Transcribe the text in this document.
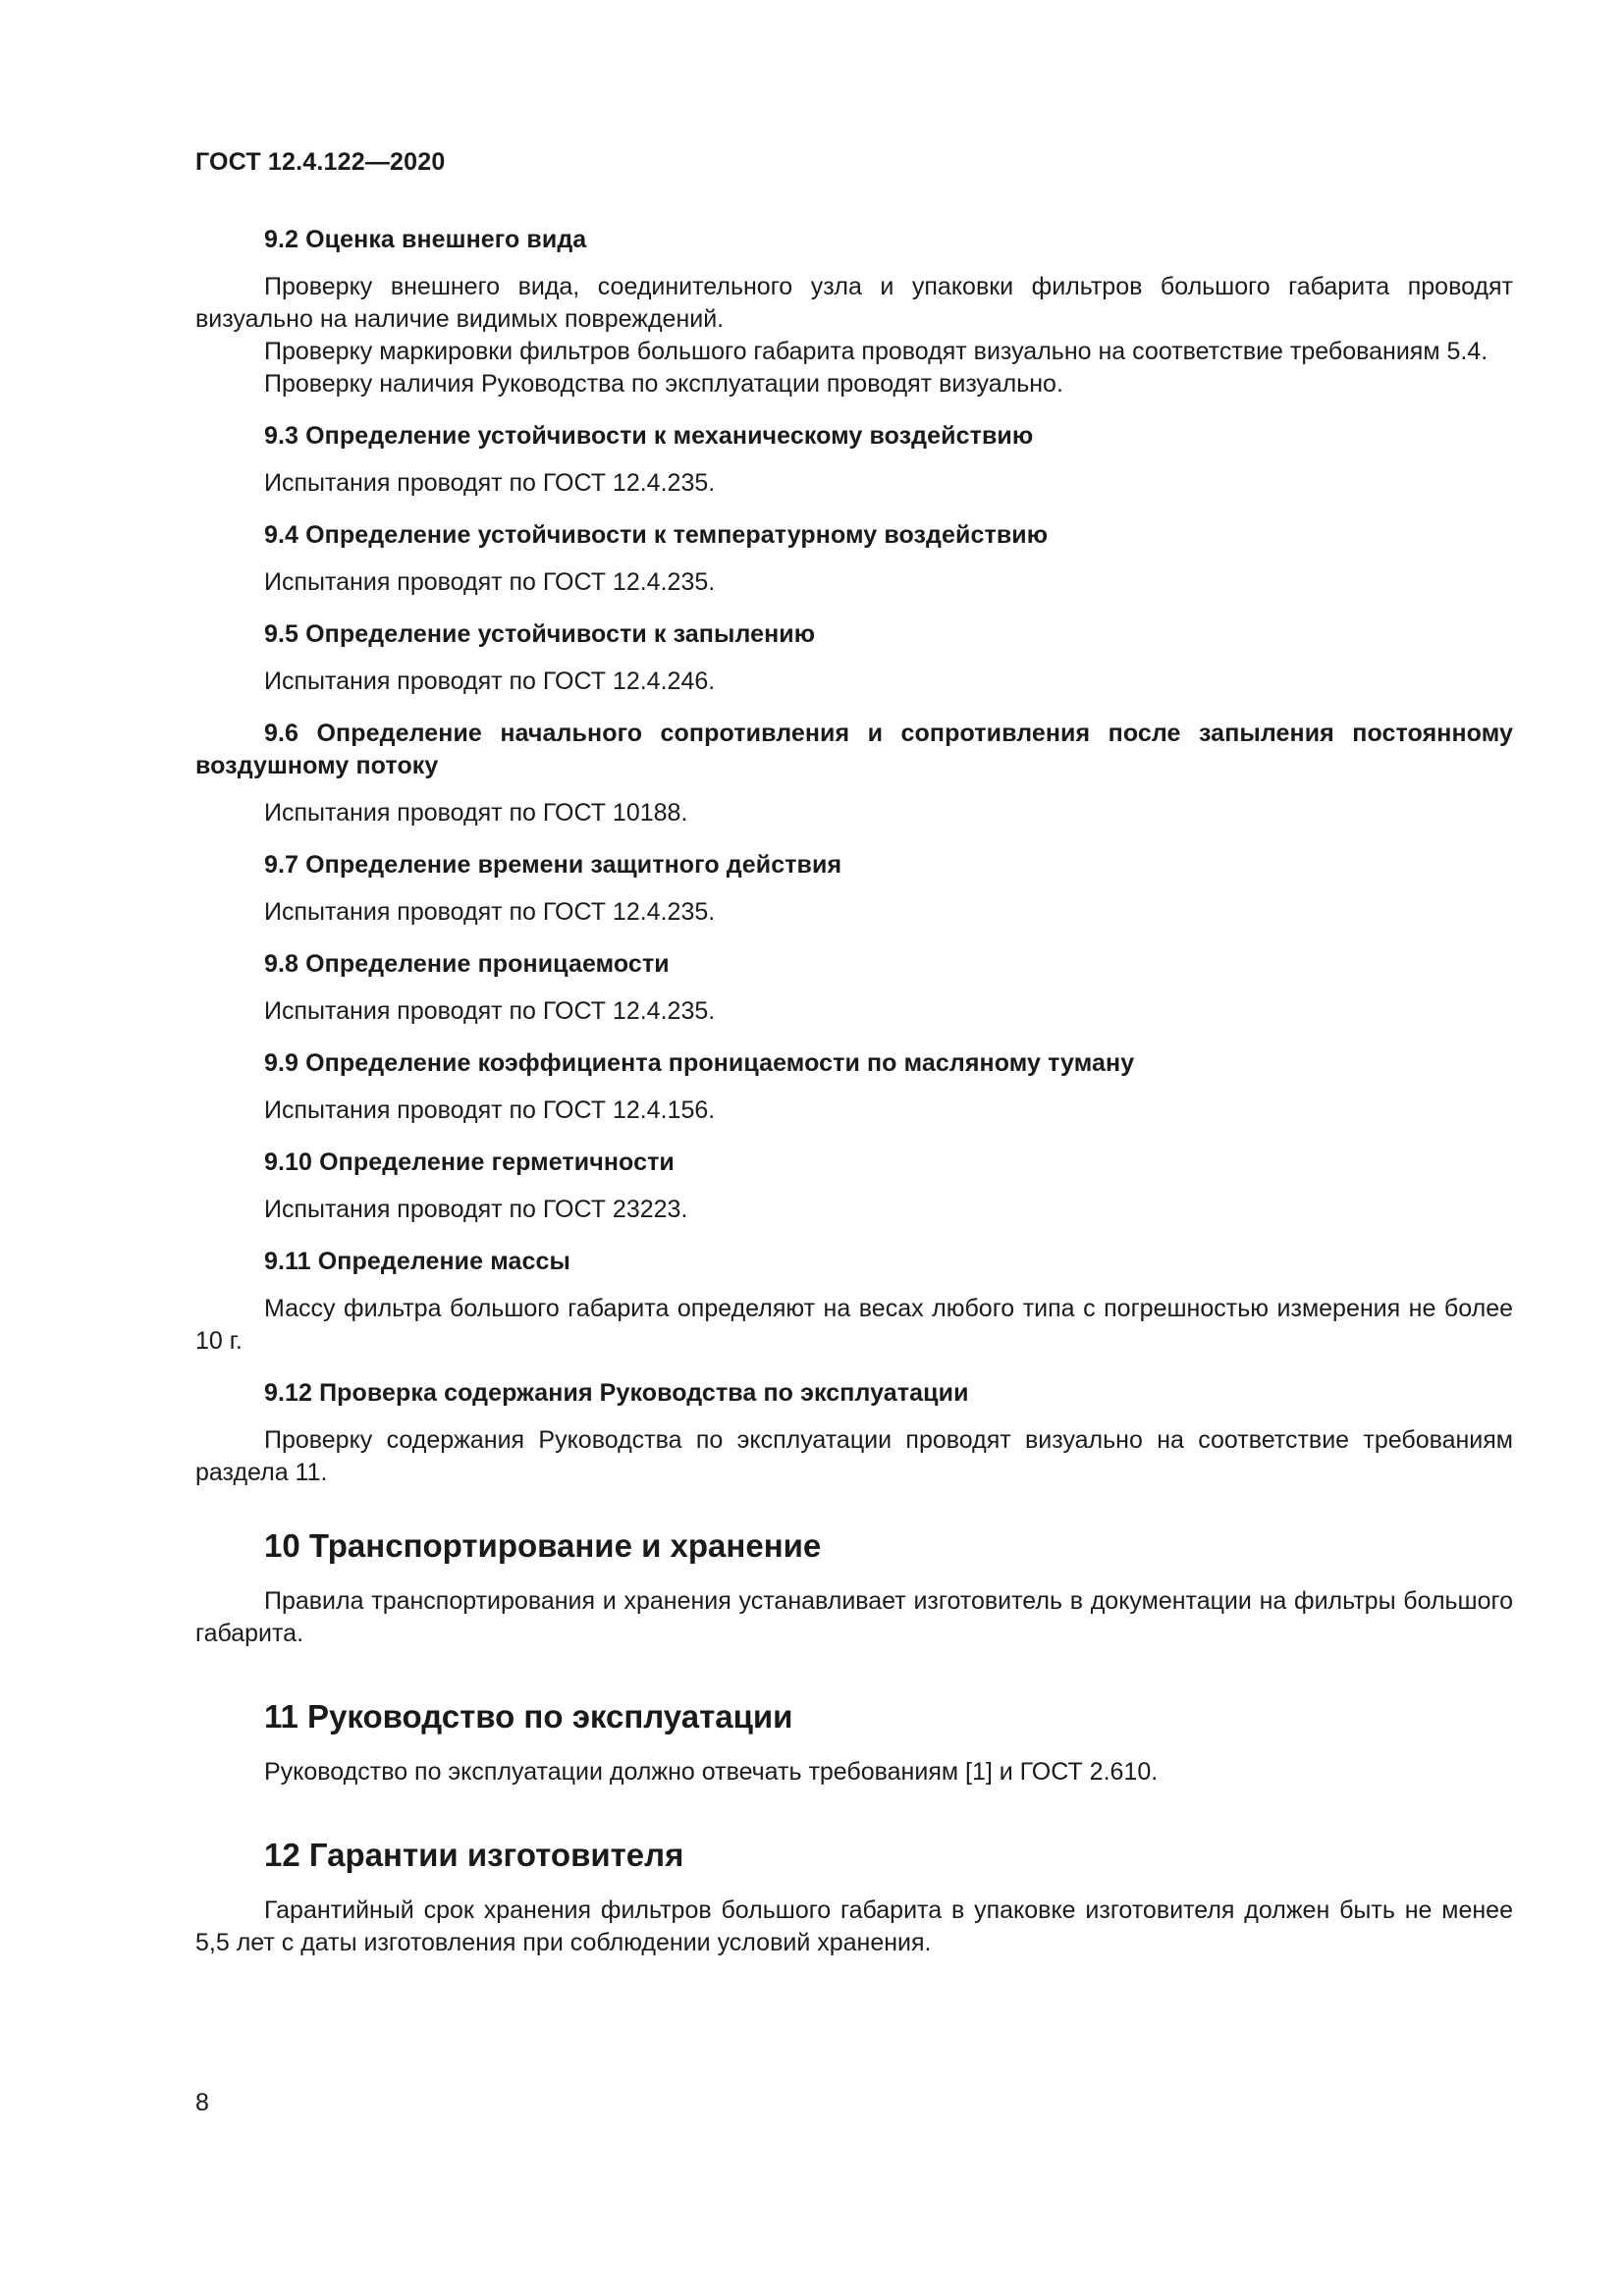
ГОСТ 12.4.122—2020

9.2 Оценка внешнего вида

Проверку внешнего вида, соединительного узла и упаковки фильтров большого габарита проводят визуально на наличие видимых повреждений.

Проверку маркировки фильтров большого габарита проводят визуально на соответствие требованиям 5.4.

Проверку наличия Руководства по эксплуатации проводят визуально.

9.3 Определение устойчивости к механическому воздействию

Испытания проводят по ГОСТ 12.4.235.

9.4 Определение устойчивости к температурному воздействию

Испытания проводят по ГОСТ 12.4.235.

9.5 Определение устойчивости к запылению

Испытания проводят по ГОСТ 12.4.246.

9.6 Определение начального сопротивления и сопротивления после запыления постоянному воздушному потоку

Испытания проводят по ГОСТ 10188.

9.7 Определение времени защитного действия

Испытания проводят по ГОСТ 12.4.235.

9.8 Определение проницаемости

Испытания проводят по ГОСТ 12.4.235.

9.9 Определение коэффициента проницаемости по масляному туману

Испытания проводят по ГОСТ 12.4.156.

9.10 Определение герметичности

Испытания проводят по ГОСТ 23223.

9.11 Определение массы

Массу фильтра большого габарита определяют на весах любого типа с погрешностью измерения не более 10 г.

9.12 Проверка содержания Руководства по эксплуатации

Проверку содержания Руководства по эксплуатации проводят визуально на соответствие требованиям раздела 11.

10 Транспортирование и хранение

Правила транспортирования и хранения устанавливает изготовитель в документации на фильтры большого габарита.

11 Руководство по эксплуатации

Руководство по эксплуатации должно отвечать требованиям [1] и ГОСТ 2.610.

12 Гарантии изготовителя

Гарантийный срок хранения фильтров большого габарита в упаковке изготовителя должен быть не менее 5,5 лет с даты изготовления при соблюдении условий хранения.

8
